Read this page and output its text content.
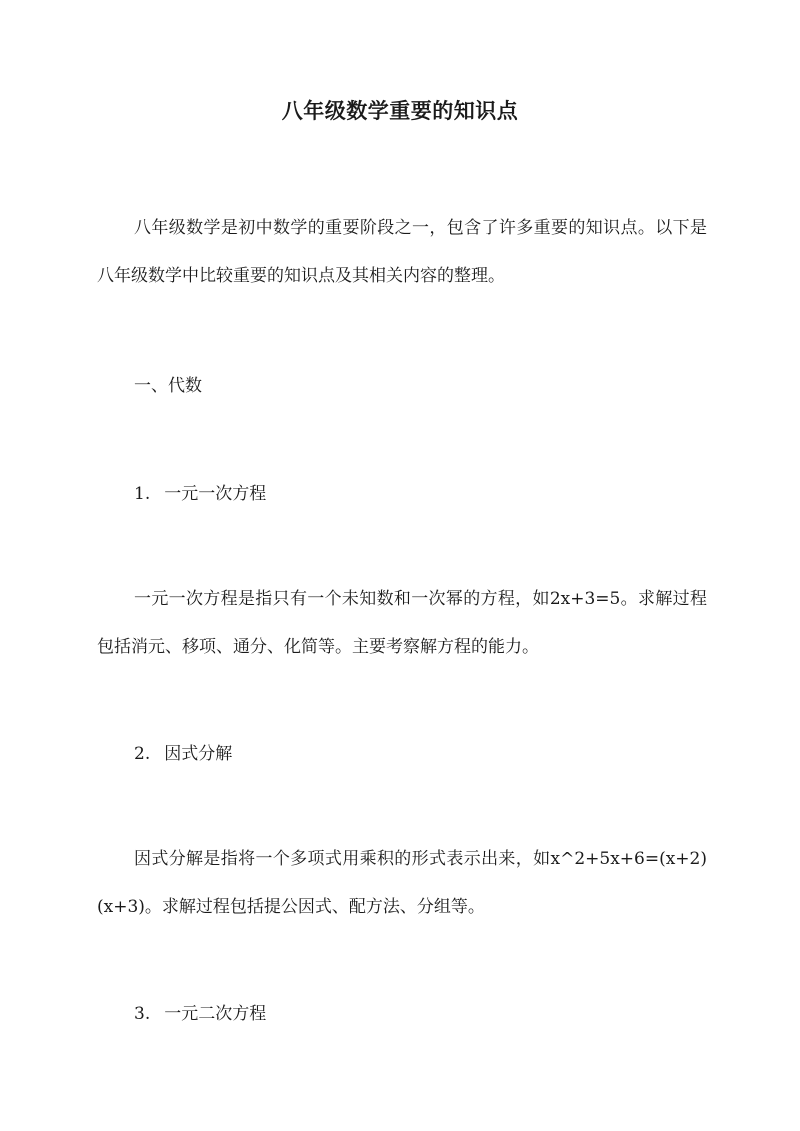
八年级数学重要的知识点

八年级数学是初中数学的重要阶段之一，包含了许多重要的知识点。以下是八年级数学中比较重要的知识点及其相关内容的整理。

一、代数
1. 一元一次方程

一元一次方程是指只有一个未知数和一次幂的方程，如2x+3=5。求解过程包括消元、移项、通分、化简等。主要考察解方程的能力。

2. 因式分解

因式分解是指将一个多项式用乘积的形式表示出来，如x^2+5x+6=(x+2)(x+3)。求解过程包括提公因式、配方法、分组等。

3. 一元二次方程
